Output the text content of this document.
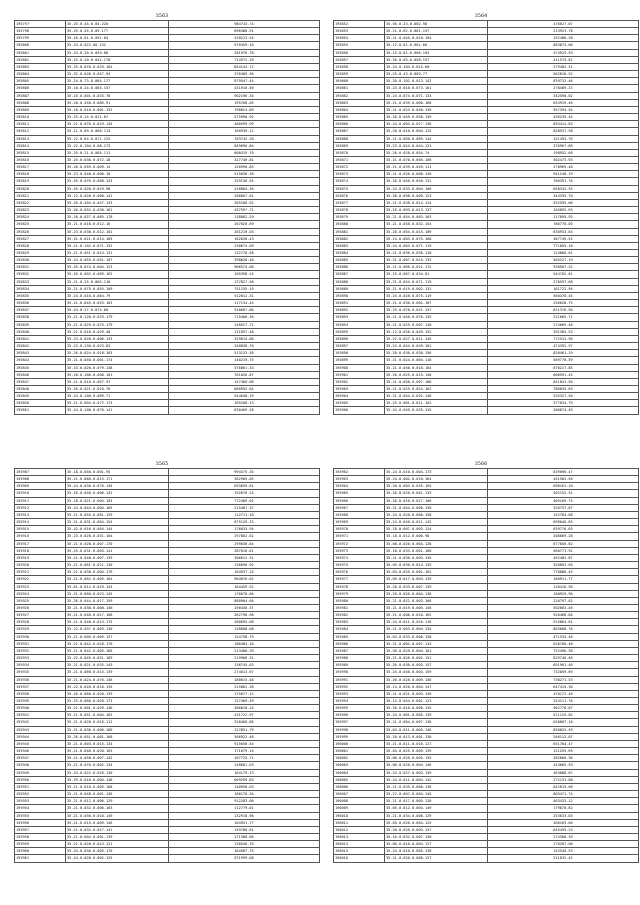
3563
195797	35.25.0.45.0.04.220	984743.74
195798	35.25.0.45.0.09.177	696480.91
195799	35.16.0.01.0.051.04	420213.54
195800	35.24.0.022.00.152	970459.10
195801	35.24.0.20.0.059.88	281976.78
195802	35.25.0.20.0.041.178	714972.29
195803	35.25.0.070.0.033.164	854144.72
195804	35.32.0.026.0.057.94	376489.56
195805	35.24.0.73.0.004.177	879547.44
195806	35.10.0.24.0.083.157	431916.56
195807	35.25.0.001.0.033.78	902196.34
195808	35.20.0.450.0.085.91	195768.05
195809	35.18.0.010.0.001.152	798824.89
195810	35.25.0.24.0.011.87	575990.92
195811	35.21.0.070.0.019.145	480599.99
195812	35.11.0.09.0.006.113	160939.12
195813	35.22.0.64.0.071.125	763742.20
195814	35.22.0.104.0.08.173	849696.84
195815	35.35.0.21.0.005.111	608419.70
195816	35.25.0.036.0.072.18	327746.81
195817	35.26.0.059.0.009.14	120990.83
195818	35.23.0.040.0.006.10	515836.38
195819	35.45.0.076.0.068.143	329136.55
195820	35.45.0.020.0.019.98	416804.36
195821	35.12.0.026.0.060.141	266667.61
195822	35.26.0.404.0.047.133	205106.92
195823	35.26.0.052.0.030.161	437597.71
195824	35.28.0.027.0.065.178	138862.29
195825	35.21.0.016.0.012.16	267020.69
195826	35.23.0.030.0.012.161	261219.03
195827	35.51.0.021.0.014.183	102628.43
195828	35.21.0.102.0.071.152	230674.69
195829	35.21.0.051.0.014.131	132778.58
195830	35.24.0.055.0.051.107	398628.40
195831	35.45.0.074.0.004.123	966574.88
195832	35.45.0.002.0.069.162	105398.24
195833	35.21.0.25.0.065.116	137827.58
195834	35.21.0.075.0.055.109	751155.19
195835	35.24.0.010.0.064.79	512012.31
195836	35.21.0.045.0.053.163	117134.44
195837	35.43.0.27.0.074.60	918687.80
195838	35.21.0.120.0.033.179	715400.36
195839	35.21.0.029.0.075.179	148527.71
195840	35.21.0.016.0.029.40	111897.48
195841	35.23.0.020.0.006.133	329014.86
195842	35.23.0.130.0.023.83	340838.70
195843	35.26.0.024.0.018.163	513132.50
195844	35.21.0.040.0.001.174	140219.75
195845	35.43.0.026.0.079.148	576861.33
195846	35.20.0.106.0.008.101	761826.87
195847	35.21.0.018.0.057.97	147460.88
195848	35.26.0.021.0.010.76	680952.84
195849	35.24.0.100.0.069.71	544648.19
195850	35.21.0.004.0.072.173	105208.13
195851	35.24.0.100.0.070.141	830469.28
3564
195852	35.56.0.23.0.002.98	476627.67
195853	35.21.0.02.0.001.157	213923.78
195854	35.21.0.045.0.010.104	152488.28
195855	35.12.0.01.0.001.66	683874.06
195856	35.15.0.01.0.006.103	474925.59
195857	35.26.0.05.0.058.157	411575.81
195858	35.24.0.104.0.015.60	279482.51
195859	35.25.0.43.0.009.77	562816.52
195860	35.20.0.102.0.013.142	839732.46
195861	35.23.0.010.0.073.161	278469.23
195862	35.24.0.074.0.071.133	342590.02
195863	35.21.0.039.0.006.168	653919.46
195864	35.21.0.023.0.040.130	957394.54
195865	35.26.0.049.0.058.159	426239.44
195866	35.24.0.003.0.017.136	893414.83
195867	35.20.0.010.0.004.125	828537.58
195868	35.21.0.050.0.069.144	121453.76
195869	35.23.0.024.0.044.121	376967.89
195870	35.26.0.028.0.054.74	198952.66
195871	35.21.0.070.0.005.168	302473.93
195872	35.21.0.039.0.049.111	278969.48
195873	35.21.0.026.0.006.120	941248.19
195874	35.26.0.040.0.040.131	766391.76
195875	35.24.0.033.0.004.160	658343.55
195876	35.28.0.098.0.009.123	344355.70
195877	35.21.0.038.0.014.124	932595.06
195878	35.16.0.093.0.013.137	105892.63
195879	35.21.0.054.0.063.163	117895.92
195880	35.21.0.058.0.032.154	786778.05
195881	35.20.0.054.0.015.109	630933.64
195882	35.24.0.083.0.075.168	367749.52
195883	35.24.0.063.0.071.119	771055.16
195884	35.21.0.036.0.036.110	114800.01
195885	35.21.0.007.0.015.133	565227.19
195886	35.21.0.066.0.021.172	938507.22
195887	35.25.0.067.0.034.61	544702.81
195888	35.21.0.054.0.071.119	270597.68
195889	35.21.0.019.0.002.131	161722.94
195890	35.24.0.028.0.075.119	560376.45
195891	35.21.0.030.0.001.107	256628.75
195892	35.25.0.078.0.021.147	811376.56
195893	35.21.0.040.0.070.135	221605.71
195894	35.21.0.025.0.007.140	274069.46
195895	35.12.0.026.0.049.152	391365.53
195896	35.22.0.027.0.011.145	772512.56
195897	35.24.0.044.0.049.181	474392.57
195898	35.20.0.030.0.030.156	820461.19
195899	35.21.0.024.0.004.118	569778.59
195900	35.21.0.040.0.018.164	678217.85
195901	35.26.0.025.0.015.148	600591.45
195902	35.21.0.058.0.007.166	841841.50
195903	35.21.0.025.0.024.162	786035.83
195904	35.21.0.044.0.032.148	535327.50
195905	35.25.0.001.0.011.162	377634.79
195906	35.24.0.049.0.035.145	286874.49
3565
195907	35.18.0.050.0.001.95	994575.35
195908	35.21.0.060.0.015.171	262905.05
195909	35.24.0.030.0.070.145	693659.61
195910	35.16.0.040.0.006.142	192676.24
195911	35.18.0.021.0.004.103	772489.01
195912	35.24.0.044.0.004.165	215487.37
195913	35.21.0.055.0.061.129	112711.10
195914	35.21.0.031.0.004.154	875129.15
195915	35.42.0.016.0.064.144	176033.94
195916	35.23.0.028.0.031.164	297862.62
195917	35.21.0.028.0.007.170	299036.64
195918	35.25.0.031.0.003.141	287016.61
195919	35.21.0.040.0.007.139	306612.31
195920	35.21.0.061.0.021.130	136696.92
195921	35.21.0.030.0.004.176	164937.25
195922	35.21.0.062.0.005.164	964076.62
195923	35.61.0.012.0.019.143	164459.52
195924	35.21.0.060.0.023.145	176678.66
195925	35.26.0.044.0.017.159	880904.66
195926	35.21.0.038.0.008.146	190430.37
195927	35.21.0.040.0.017.168	262798.98
195928	35.21.0.040.0.013.175	260695.68
195929	35.22.0.037.0.003.130	128808.08
195930	35.21.0.005.0.009.157	124758.79
195931	35.21.0.042.0.018.170	186484.18
195932	35.21.0.042.0.005.166	213480.39
195933	35.22.0.045.0.051.169	219966.31
195934	35.21.0.021.0.035.143	136745.63
195935	35.21.0.060.0.015.139	274613.67
195936	35.21.0.024.0.076.146	180015.48
195937	35.22.0.020.0.010.135	215862.28
195938	35.26.0.060.0.020.139	175077.12
195939	35.25.0.060.0.020.173	127409.49
195940	35.21.0.001.0.029.146	306010.24
195941	35.21.0.051.0.004.163	431722.97
195942	35.21.0.020.0.016.112	328460.86
195943	35.21.0.036.0.006.160	127851.79
195944	35.26.0.051.0.001.168	506922.48
195945	35.21.0.003.0.015.134	915658.54
195946	35.21.0.040.0.020.163	171079.14
195947	35.21.0.058.0.007.142	107725.71
195948	35.21.0.070.0.002.134	148681.03
195949	35.24.0.022.0.016.130	164179.13
195950	35.29.0.010.0.004.148	609299.83
195951	35.21.0.018.0.005.108	140950.63
195952	35.21.0.048.0.001.136	106170.34
195953	35.21.0.012.0.006.129	912283.06
195954	35.21.0.032.0.006.163	112779.01
195955	35.21.0.050.0.010.149	132918.96
195956	35.21.0.015.0.009.146	104951.77
195957	35.21.0.032.0.017.141	149700.61
195958	35.21.0.004.0.001.139	171380.66
195959	35.21.0.020.0.013.121	138546.76
195960	35.24.0.030.0.005.170	164907.75
195961	35.24.0.020.0.002.125	971999.08
3566
195962	35.24.0.010.0.004.173	639096.47
195963	35.24.0.002.0.010.164	451582.50
195964	35.20.0.003.0.035.165	690161.10
195965	35.26.0.020.0.041.133	502152.52
195966	35.26.0.010.0.017.160	405169.75
195967	35.21.0.044.0.006.130	320737.67
195968	35.24.0.020.0.006.158	152784.68
195969	35.24.0.040.0.011.142	698046.83
195970	35.18.0.007.0.003.124	639776.03
195971	35.18.0.012.0.006.98	208669.28
195972	35.08.0.020.0.004.128	677856.62
195973	35.18.0.033.0.001.160	560771.92
195974	35.21.0.030.0.003.145	452482.87
195975	35.05.0.030.0.014.135	320892.05
195976	35.03.0.029.0.001.162	770886.45
195977	35.09.0.017.0.003.135	160911.77
195978	35.26.0.033.0.007.159	128416.50
195979	35.20.0.020.0.004.138	108929.96
195980	35.21.0.022.0.003.166	220797.02
195981	35.21.0.019.0.005.146	502663.46
195982	35.21.0.006.0.010.162	920468.84
195983	35.24.0.011.0.016.116	915864.61
195984	35.21.0.003.0.004.134	863608.76
195985	35.03.0.033.0.008.158	471535.46
195986	35.21.0.002.0.007.143	626760.48
195987	35.36.0.029.0.004.161	722496.38
195988	35.21.0.026.0.002.151	829746.40
195989	35.26.0.030.0.003.157	691901.46
195990	35.24.0.040.0.003.159	732059.69
195991	35.26.0.028.0.009.156	730271.53
195992	35.14.0.020.0.004.147	647415.36
195993	35.21.0.021.0.003.126	470172.46
195994	35.14.0.044.0.001.123	224111.76
195995	35.26.0.010.0.006.145	962776.07
195996	35.24.0.001.0.005.139	511125.82
195997	35.21.0.004.0.007.138	620007.16
195998	35.04.0.011.0.005.146	850825.49
195999	35.20.0.013.0.001.130	266112.07
196000	35.21.0.011.0.016.127	651784.47
196001	35.04.0.025.0.009.139	121255.69
196002	35.06.0.029.0.005.155	282666.36
196003	35.06.0.020.0.004.146	443605.59
196004	35.24.0.027.0.003.159	463088.07
196005	35.24.0.011.0.004.142	272131.88
196006	35.21.0.035.0.006.136	642619.60
196007	35.22.0.007.0.004.145	803471.74
196008	35.21.0.017.0.005.128	463433.12
196009	35.05.0.012.0.004.149	179878.62
196010	35.21.0.034.0.006.129	253633.03
196011	35.03.0.020.0.004.125	266163.66
196012	35.20.0.029.0.003.147	645455.23
196013	35.16.0.032.0.007.150	274300.39
196014	35.06.0.010.0.004.127	270287.06
196015	35.24.0.010.0.005.138	143540.53
196016	35.21.0.020.0.006.127	211832.42
